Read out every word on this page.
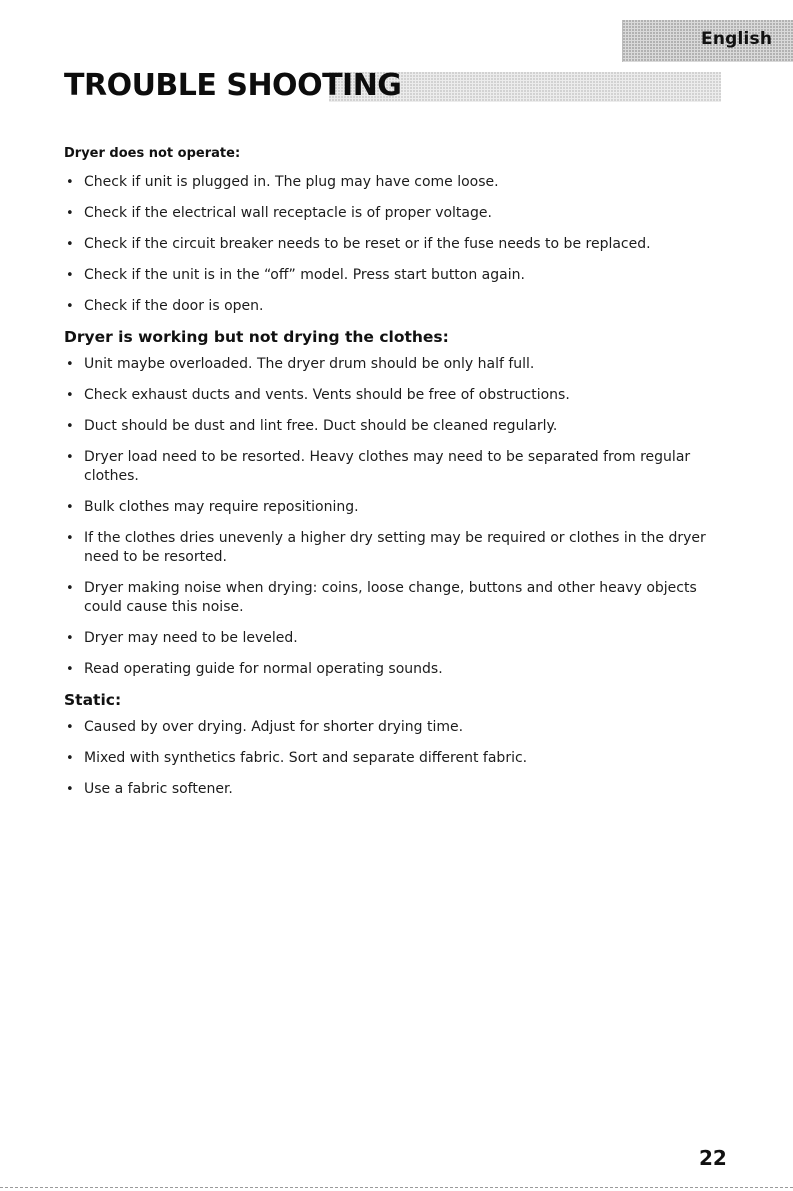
English
TROUBLE SHOOTING
Dryer does not operate:
• Check if unit is plugged in. The plug may have come loose.
• Check if the electrical wall receptacle is of proper voltage.
• Check if the circuit breaker needs to be reset or if the fuse needs to be replaced.
• Check if the unit is in the “off” model. Press start button again.
• Check if the door is open.
Dryer is working but not drying the clothes:
• Unit maybe overloaded. The dryer drum should be only half full.
• Check exhaust ducts and vents. Vents should be free of obstructions.
• Duct should be dust and lint free. Duct should be cleaned regularly.
• Dryer load need to be resorted. Heavy clothes may need to be separated from regular clothes.
• Bulk clothes may require repositioning.
• If the clothes dries unevenly a higher dry setting may be required or clothes in the dryer need to be resorted.
• Dryer making noise when drying: coins, loose change, buttons and other heavy objects could cause this noise.
• Dryer may need to be leveled.
• Read operating guide for normal operating sounds.
Static:
• Caused by over drying. Adjust for shorter drying time.
• Mixed with synthetics fabric. Sort and separate different fabric.
• Use a fabric softener.
22
